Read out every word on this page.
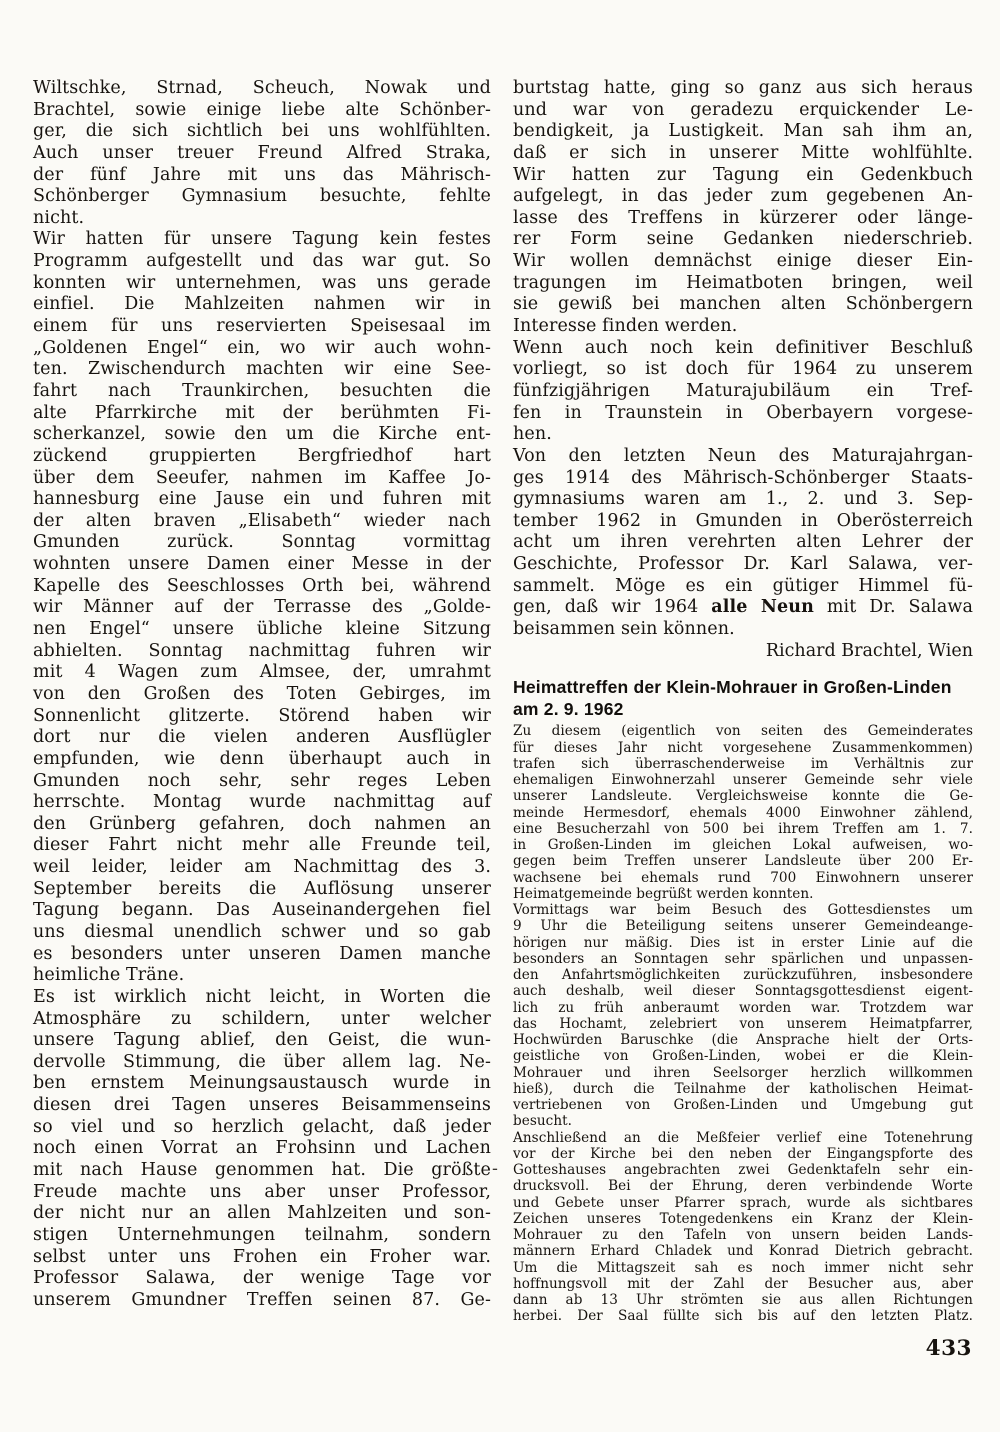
Wiltschke, Strnad, Scheuch, Nowak und
Brachtel, sowie einige liebe alte Schönber-
ger, die sich sichtlich bei uns wohlfühlten.
Auch unser treuer Freund Alfred Straka,
der fünf Jahre mit uns das Mährisch-
Schönberger Gymnasium besuchte, fehlte
nicht.
Wir hatten für unsere Tagung kein festes
Programm aufgestellt und das war gut. So
konnten wir unternehmen, was uns gerade
einfiel. Die Mahlzeiten nahmen wir in
einem für uns reservierten Speisesaal im
„Goldenen Engel“ ein, wo wir auch wohn-
ten. Zwischendurch machten wir eine See-
fahrt nach Traunkirchen, besuchten die
alte Pfarrkirche mit der berühmten Fi-
scherkanzel, sowie den um die Kirche ent-
zückend gruppierten Bergfriedhof hart
über dem Seeufer, nahmen im Kaffee Jo-
hannesburg eine Jause ein und fuhren mit
der alten braven „Elisabeth“ wieder nach
Gmunden zurück. Sonntag vormittag
wohnten unsere Damen einer Messe in der
Kapelle des Seeschlosses Orth bei, während
wir Männer auf der Terrasse des „Golde-
nen Engel“ unsere übliche kleine Sitzung
abhielten. Sonntag nachmittag fuhren wir
mit 4 Wagen zum Almsee, der, umrahmt
von den Großen des Toten Gebirges, im
Sonnenlicht glitzerte. Störend haben wir
dort nur die vielen anderen Ausflügler
empfunden, wie denn überhaupt auch in
Gmunden noch sehr, sehr reges Leben
herrschte. Montag wurde nachmittag auf
den Grünberg gefahren, doch nahmen an
dieser Fahrt nicht mehr alle Freunde teil,
weil leider, leider am Nachmittag des 3.
September bereits die Auflösung unserer
Tagung begann. Das Auseinandergehen fiel
uns diesmal unendlich schwer und so gab
es besonders unter unseren Damen manche
heimliche Träne.
Es ist wirklich nicht leicht, in Worten die
Atmosphäre zu schildern, unter welcher
unsere Tagung ablief, den Geist, die wun-
dervolle Stimmung, die über allem lag. Ne-
ben ernstem Meinungsaustausch wurde in
diesen drei Tagen unseres Beisammenseins
so viel und so herzlich gelacht, daß jeder
noch einen Vorrat an Frohsinn und Lachen
mit nach Hause genommen hat. Die größte
Freude machte uns aber unser Professor,
der nicht nur an allen Mahlzeiten und son-
stigen Unternehmungen teilnahm, sondern
selbst unter uns Frohen ein Froher war.
Professor Salawa, der wenige Tage vor
unserem Gmundner Treffen seinen 87. Ge-
burtstag hatte, ging so ganz aus sich heraus
und war von geradezu erquickender Le-
bendigkeit, ja Lustigkeit. Man sah ihm an,
daß er sich in unserer Mitte wohlfühlte.
Wir hatten zur Tagung ein Gedenkbuch
aufgelegt, in das jeder zum gegebenen An-
lasse des Treffens in kürzerer oder länge-
rer Form seine Gedanken niederschrieb.
Wir wollen demnächst einige dieser Ein-
tragungen im Heimatboten bringen, weil
sie gewiß bei manchen alten Schönbergern
Interesse finden werden.
Wenn auch noch kein definitiver Beschluß
vorliegt, so ist doch für 1964 zu unserem
fünfzigjährigen Maturajubiläum ein Tref-
fen in Traunstein in Oberbayern vorgese-
hen.
Von den letzten Neun des Maturajahrgan-
ges 1914 des Mährisch-Schönberger Staats-
gymnasiums waren am 1., 2. und 3. Sep-
tember 1962 in Gmunden in Oberösterreich
acht um ihren verehrten alten Lehrer der
Geschichte, Professor Dr. Karl Salawa, ver-
sammelt. Möge es ein gütiger Himmel fü-
gen, daß wir 1964 alle Neun mit Dr. Salawa
beisammen sein können.
Richard Brachtel, Wien
Heimattreffen der Klein-Mohrauer in Großen-Linden
am 2. 9. 1962
Zu diesem (eigentlich von seiten des Gemeinderates
für dieses Jahr nicht vorgesehene Zusammenkommen)
trafen sich überraschenderweise im Verhältnis zur
ehemaligen Einwohnerzahl unserer Gemeinde sehr viele
unserer Landsleute. Vergleichsweise konnte die Ge-
meinde Hermesdorf, ehemals 4000 Einwohner zählend,
eine Besucherzahl von 500 bei ihrem Treffen am 1. 7.
in Großen-Linden im gleichen Lokal aufweisen, wo-
gegen beim Treffen unserer Landsleute über 200 Er-
wachsene bei ehemals rund 700 Einwohnern unserer
Heimatgemeinde begrüßt werden konnten.
Vormittags war beim Besuch des Gottesdienstes um
9 Uhr die Beteiligung seitens unserer Gemeindeange-
hörigen nur mäßig. Dies ist in erster Linie auf die
besonders an Sonntagen sehr spärlichen und unpassen-
den Anfahrtsmöglichkeiten zurückzuführen, insbesondere
auch deshalb, weil dieser Sonntagsgottesdienst eigent-
lich zu früh anberaumt worden war. Trotzdem war
das Hochamt, zelebriert von unserem Heimatpfarrer,
Hochwürden Baruschke (die Ansprache hielt der Orts-
geistliche von Großen-Linden, wobei er die Klein-
Mohrauer und ihren Seelsorger herzlich willkommen
hieß), durch die Teilnahme der katholischen Heimat-
vertriebenen von Großen-Linden und Umgebung gut
besucht.
Anschließend an die Meßfeier verlief eine Totenehrung
vor der Kirche bei den neben der Eingangspforte des
Gotteshauses angebrachten zwei Gedenktafeln sehr ein-
drucksvoll. Bei der Ehrung, deren verbindende Worte
und Gebete unser Pfarrer sprach, wurde als sichtbares
Zeichen unseres Totengedenkens ein Kranz der Klein-
Mohrauer zu den Tafeln von unsern beiden Lands-
männern Erhard Chladek und Konrad Dietrich gebracht.
Um die Mittagszeit sah es noch immer nicht sehr
hoffnungsvoll mit der Zahl der Besucher aus, aber
dann ab 13 Uhr strömten sie aus allen Richtungen
herbei. Der Saal füllte sich bis auf den letzten Platz.
-
433
